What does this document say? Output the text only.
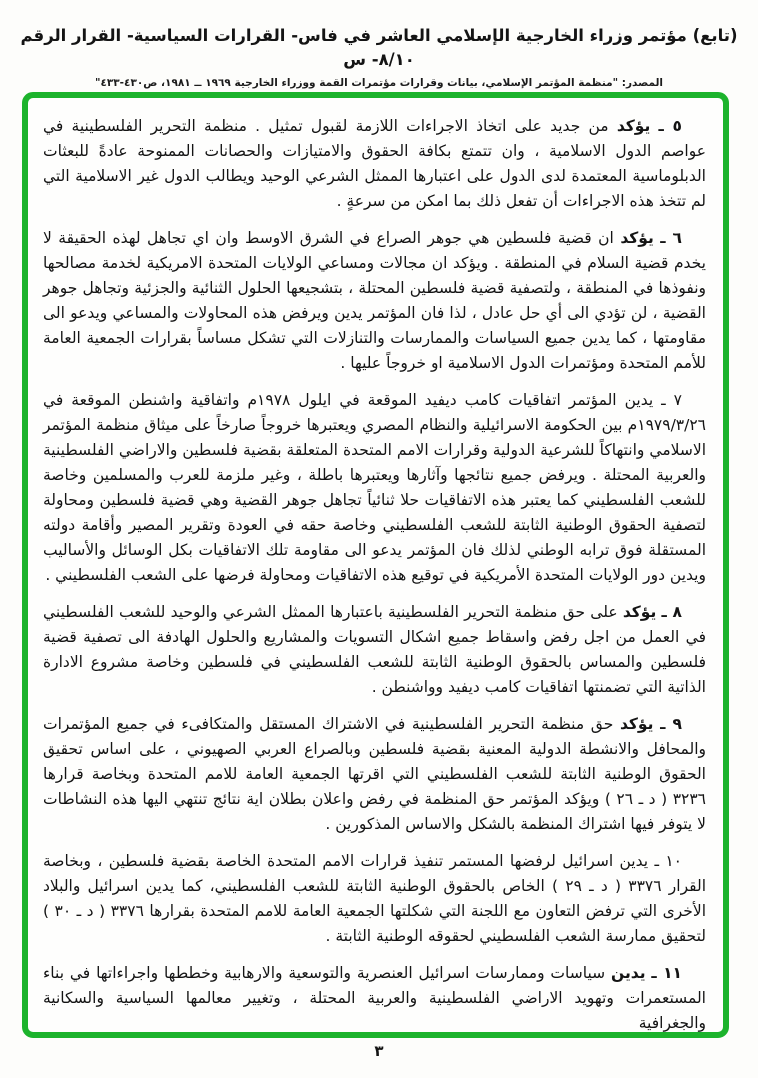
(تابع) مؤتمر وزراء الخارجية الإسلامي العاشر في فاس- القرارات السياسية- القرار الرقم ٨/١٠- س
المصدر: "منظمة المؤتمر الإسلامي، بيانات وقرارات مؤتمرات القمة ووزراء الخارجية ١٩٦٩ ــ ١٩٨١، ص٤٣٠-٤٣٣"

٥ ـ يؤكد من جديد على اتخاذ الاجراءات اللازمة لقبول تمثيل . منظمة التحرير الفلسطينية في عواصم الدول الاسلامية ، وان تتمتع بكافة الحقوق والامتيازات والحصانات الممنوحة عادةً للبعثات الدبلوماسية المعتمدة لدى الدول على اعتبارها الممثل الشرعي الوحيد ويطالب الدول غير الاسلامية التي لم تتخذ هذه الاجراءات أن تفعل ذلك بما امكن من سرعةٍ .

٦ ـ يؤكد ان قضية فلسطين هي جوهر الصراع في الشرق الاوسط وان اي تجاهل لهذه الحقيقة لا يخدم قضية السلام في المنطقة . ويؤكد ان مجالات ومساعي الولايات المتحدة الامريكية لخدمة مصالحها ونفوذها في المنطقة ، ولتصفية قضية فلسطين المحتلة ، بتشجيعها الحلول الثنائية والجزئية وتجاهل جوهر القضية ، لن تؤدي الى أي حل عادل ، لذا فان المؤتمر يدين ويرفض هذه المحاولات والمساعي ويدعو الى مقاومتها ، كما يدين جميع السياسات والممارسات والتنازلات التي تشكل مساساً بقرارات الجمعية العامة للأمم المتحدة ومؤتمرات الدول الاسلامية او خروجاً عليها .

٧ ـ يدين المؤتمر اتفاقيات كامب ديفيد الموقعة في ايلول ١٩٧٨م واتفاقية واشنطن الموقعة في ١٩٧٩/٣/٢٦م بين الحكومة الاسرائيلية والنظام المصري ويعتبرها خروجاً صارخاً على ميثاق منظمة المؤتمر الاسلامي وانتهاكاً للشرعية الدولية وقرارات الامم المتحدة المتعلقة بقضية فلسطين والاراضي الفلسطينية والعربية المحتلة . ويرفض جميع نتائجها وآثارها ويعتبرها باطلة ، وغير ملزمة للعرب والمسلمين وخاصة للشعب الفلسطيني كما يعتبر هذه الاتفاقيات حلا ثنائياً تجاهل جوهر القضية وهي قضية فلسطين ومحاولة لتصفية الحقوق الوطنية الثابتة للشعب الفلسطيني وخاصة حقه في العودة وتقرير المصير وأقامة دولته المستقلة فوق ترابه الوطني لذلك فان المؤتمر يدعو الى مقاومة تلك الاتفاقيات بكل الوسائل والأساليب ويدين دور الولايات المتحدة الأمريكية في توقيع هذه الاتفاقيات ومحاولة فرضها على الشعب الفلسطيني .

٨ ـ يؤكد على حق منظمة التحرير الفلسطينية باعتبارها الممثل الشرعي والوحيد للشعب الفلسطيني في العمل من اجل رفض واسقاط جميع اشكال التسويات والمشاريع والحلول الهادفة الى تصفية قضية فلسطين والمساس بالحقوق الوطنية الثابتة للشعب الفلسطيني في فلسطين وخاصة مشروع الادارة الذاتية التي تضمنتها اتفاقيات كامب ديفيد وواشنطن .

٩ ـ يؤكد حق منظمة التحرير الفلسطينية في الاشتراك المستقل والمتكافىء في جميع المؤتمرات والمحافل والانشطة الدولية المعنية بقضية فلسطين وبالصراع العربي الصهيوني ، على اساس تحقيق الحقوق الوطنية الثابتة للشعب الفلسطيني التي اقرتها الجمعية العامة للامم المتحدة وبخاصة قرارها ٣٢٣٦ ( د ـ ٢٦ ) ويؤكد المؤتمر حق المنظمة في رفض واعلان بطلان اية نتائج تنتهي اليها هذه النشاطات لا يتوفر فيها اشتراك المنظمة بالشكل والاساس المذكورين .

١٠ ـ يدين اسرائيل لرفضها المستمر تنفيذ قرارات الامم المتحدة الخاصة بقضية فلسطين ، وبخاصة القرار ٣٣٧٦ ( د ـ ٢٩ ) الخاص بالحقوق الوطنية الثابتة للشعب الفلسطيني، كما يدين اسرائيل والبلاد الأخرى التي ترفض التعاون مع اللجنة التي شكلتها الجمعية العامة للامم المتحدة بقرارها ٣٣٧٦ ( د ـ ٣٠ ) لتحقيق ممارسة الشعب الفلسطيني لحقوقه الوطنية الثابتة .

١١ ـ يدين سياسات وممارسات اسرائيل العنصرية والتوسعية والارهابية وخططها واجراءاتها في بناء المستعمرات وتهويد الاراضي الفلسطينية والعربية المحتلة ، وتغيير معالمها السياسية والسكانية والجغرافية

٣
